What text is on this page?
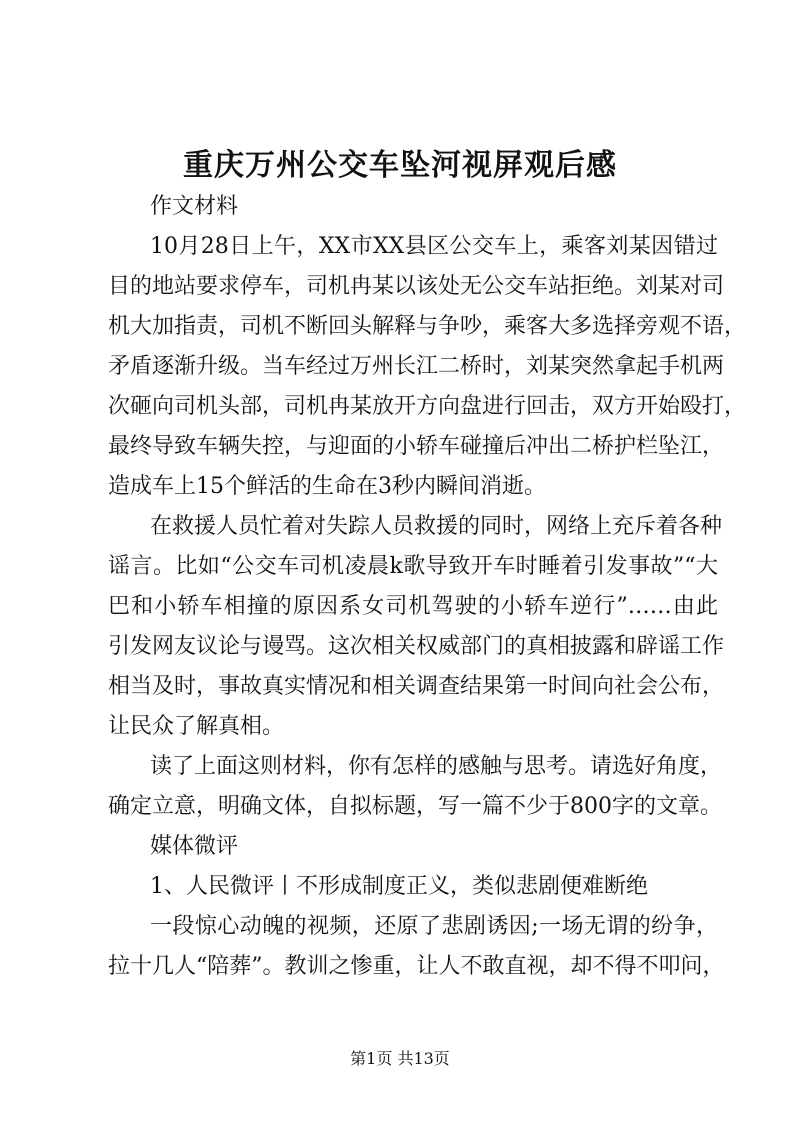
重庆万州公交车坠河视屏观后感

作文材料

10月28日上午，XX市XX县区公交车上，乘客刘某因错过

目的地站要求停车，司机冉某以该处无公交车站拒绝。刘某对司

机大加指责，司机不断回头解释与争吵，乘客大多选择旁观不语，

矛盾逐渐升级。当车经过万州长江二桥时，刘某突然拿起手机两

次砸向司机头部，司机冉某放开方向盘进行回击，双方开始殴打，

最终导致车辆失控，与迎面的小轿车碰撞后冲出二桥护栏坠江，

造成车上15个鲜活的生命在3秒内瞬间消逝。

在救援人员忙着对失踪人员救援的同时，网络上充斥着各种

谣言。比如“公交车司机凌晨k歌导致开车时睡着引发事故”“大

巴和小轿车相撞的原因系女司机驾驶的小轿车逆行”……由此

引发网友议论与谩骂。这次相关权威部门的真相披露和辟谣工作

相当及时，事故真实情况和相关调查结果第一时间向社会公布，

让民众了解真相。

读了上面这则材料，你有怎样的感触与思考。请选好角度，

确定立意，明确文体，自拟标题，写一篇不少于800字的文章。

媒体微评

1、人民微评丨不形成制度正义，类似悲剧便难断绝

一段惊心动魄的视频，还原了悲剧诱因;一场无谓的纷争，

拉十几人“陪葬”。教训之惨重，让人不敢直视，却不得不叩问，

第1页 共13页
